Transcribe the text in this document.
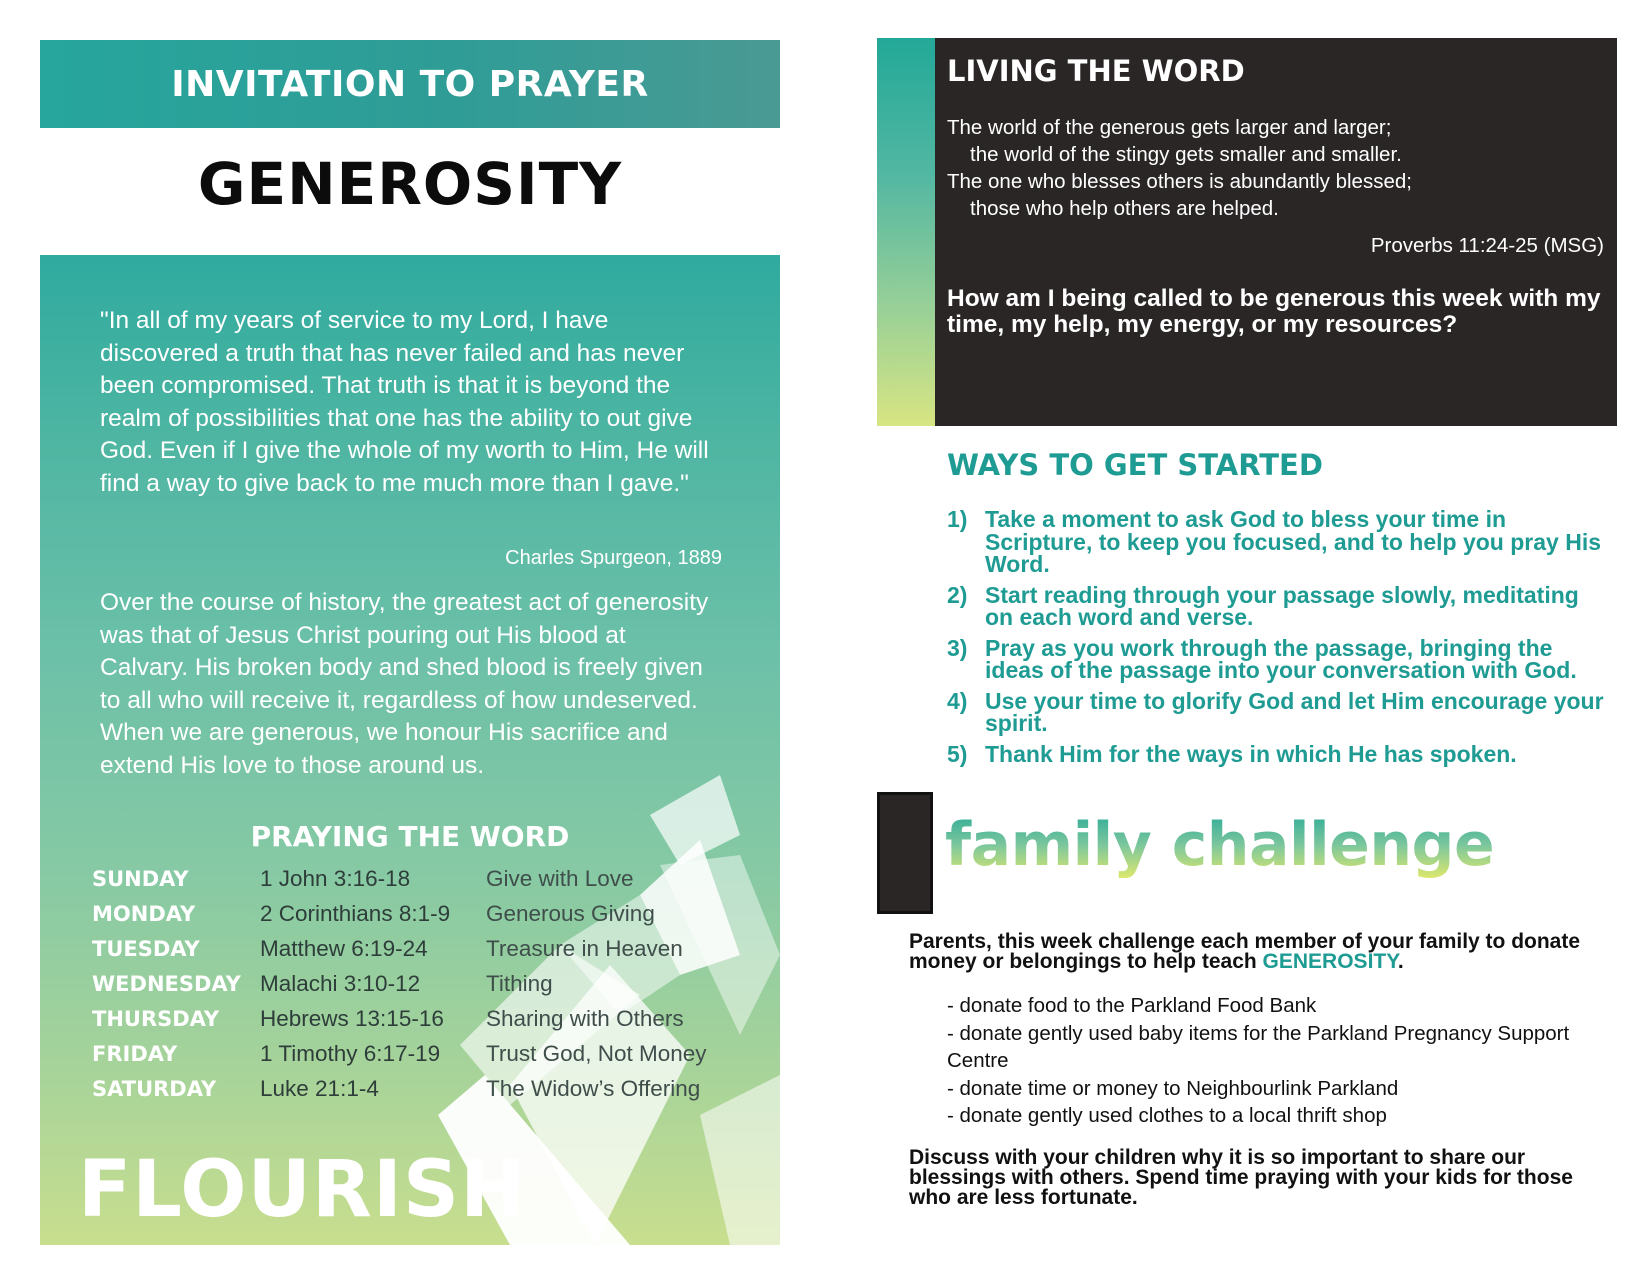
INVITATION TO PRAYER
GENEROSITY
"In all of my years of service to my Lord, I have discovered a truth that has never failed and has never been compromised. That truth is that it is beyond the realm of possibilities that one has the ability to out give God. Even if I give the whole of my worth to Him, He will find a way to give back to me much more than I gave."
Charles Spurgeon, 1889
Over the course of history, the greatest act of generosity was that of Jesus Christ pouring out His blood at Calvary. His broken body and shed blood is freely given to all who will receive it, regardless of how undeserved. When we are generous, we honour His sacrifice and extend His love to those around us.
PRAYING THE WORD
SUNDAY	1 John 3:16-18	Give with Love
MONDAY	2 Corinthians 8:1-9	Generous Giving
TUESDAY	Matthew 6:19-24	Treasure in Heaven
WEDNESDAY	Malachi 3:10-12	Tithing
THURSDAY	Hebrews 13:15-16	Sharing with Others
FRIDAY	1 Timothy 6:17-19	Trust God, Not Money
SATURDAY	Luke 21:1-4	The Widow’s Offering
FLOURISH
LIVING THE WORD
The world of the generous gets larger and larger;
the world of the stingy gets smaller and smaller.
The one who blesses others is abundantly blessed;
those who help others are helped.
Proverbs 11:24-25 (MSG)
How am I being called to be generous this week with my time, my help, my energy, or my resources?
WAYS TO GET STARTED
1) Take a moment to ask God to bless your time in Scripture, to keep you focused, and to help you pray His Word.
2) Start reading through your passage slowly, meditating on each word and verse.
3) Pray as you work through the passage, bringing the ideas of the passage into your conversation with God.
4) Use your time to glorify God and let Him encourage your spirit.
5) Thank Him for the ways in which He has spoken.
family challenge
Parents, this week challenge each member of your family to donate money or belongings to help teach GENEROSITY.
- donate food to the Parkland Food Bank
- donate gently used baby items for the Parkland Pregnancy Support Centre
- donate time or money to Neighbourlink Parkland
- donate gently used clothes to a local thrift shop
Discuss with your children why it is so important to share our blessings with others. Spend time praying with your kids for those who are less fortunate.
